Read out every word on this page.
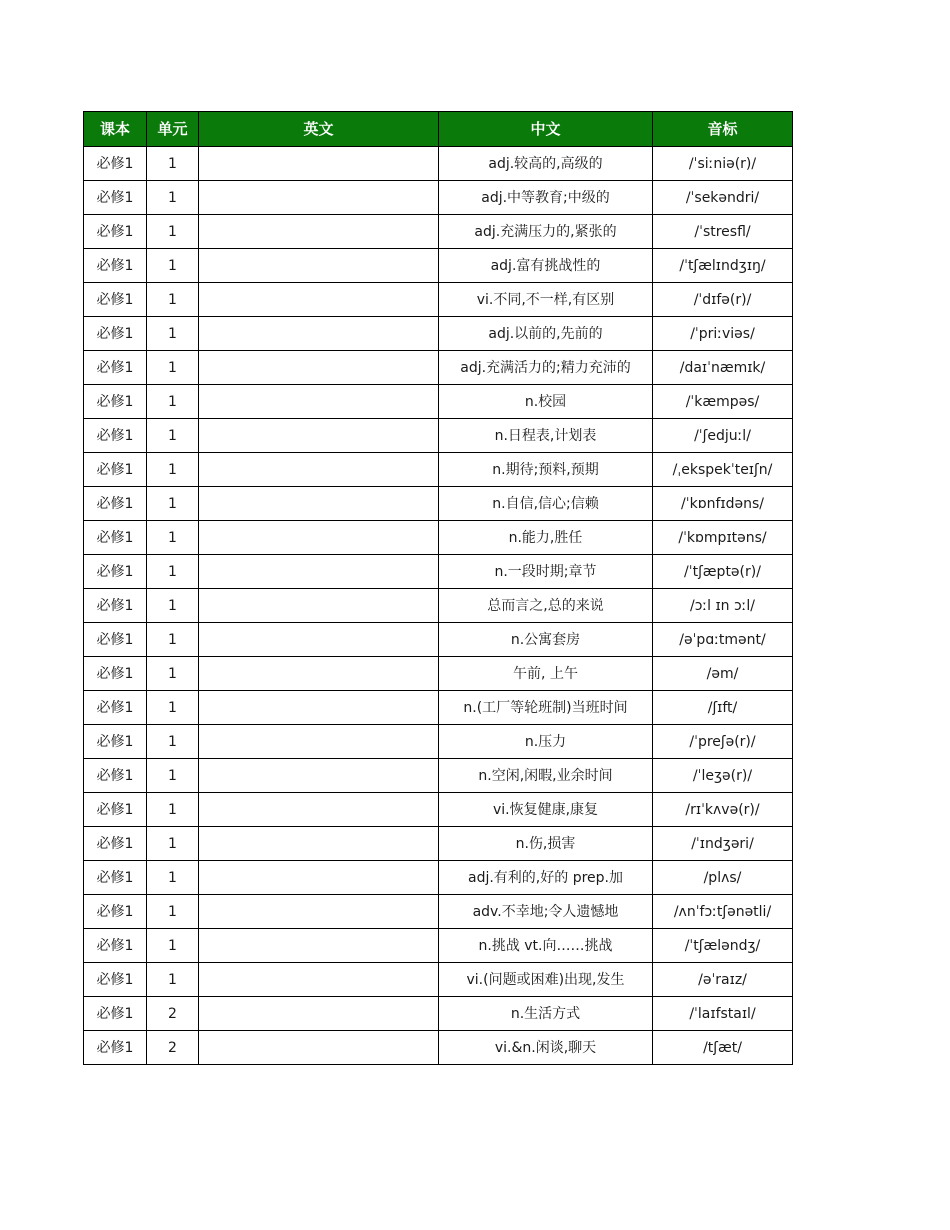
课本	单元	英文	中文	音标
必修1	1		adj.较高的,高级的	/ˈsiːniə(r)/
必修1	1		adj.中等教育;中级的	/ˈsekəndri/
必修1	1		adj.充满压力的,紧张的	/ˈstresfl/
必修1	1		adj.富有挑战性的	/ˈtʃælɪndʒɪŋ/
必修1	1		vi.不同,不一样,有区别	/ˈdɪfə(r)/
必修1	1		adj.以前的,先前的	/ˈpriːviəs/
必修1	1		adj.充满活力的;精力充沛的	/daɪˈnæmɪk/
必修1	1		n.校园	/ˈkæmpəs/
必修1	1		n.日程表,计划表	/ˈʃedjuːl/
必修1	1		n.期待;预料,预期	/ˌekspekˈteɪʃn/
必修1	1		n.自信,信心;信赖	/ˈkɒnfɪdəns/
必修1	1		n.能力,胜任	/ˈkɒmpɪtəns/
必修1	1		n.一段时期;章节	/ˈtʃæptə(r)/
必修1	1		总而言之,总的来说	/ɔːl ɪn ɔːl/
必修1	1		n.公寓套房	/əˈpɑːtmənt/
必修1	1		午前, 上午	/əm/
必修1	1		n.(工厂等轮班制)当班时间	/ʃɪft/
必修1	1		n.压力	/ˈpreʃə(r)/
必修1	1		n.空闲,闲暇,业余时间	/ˈleʒə(r)/
必修1	1		vi.恢复健康,康复	/rɪˈkʌvə(r)/
必修1	1		n.伤,损害	/ˈɪndʒəri/
必修1	1		adj.有利的,好的 prep.加	/plʌs/
必修1	1		adv.不幸地;令人遗憾地	/ʌnˈfɔːtʃənətli/
必修1	1		n.挑战 vt.向……挑战	/ˈtʃæləndʒ/
必修1	1		vi.(问题或困难)出现,发生	/əˈraɪz/
必修1	2		n.生活方式	/ˈlaɪfstaɪl/
必修1	2		vi.&n.闲谈,聊天	/tʃæt/
